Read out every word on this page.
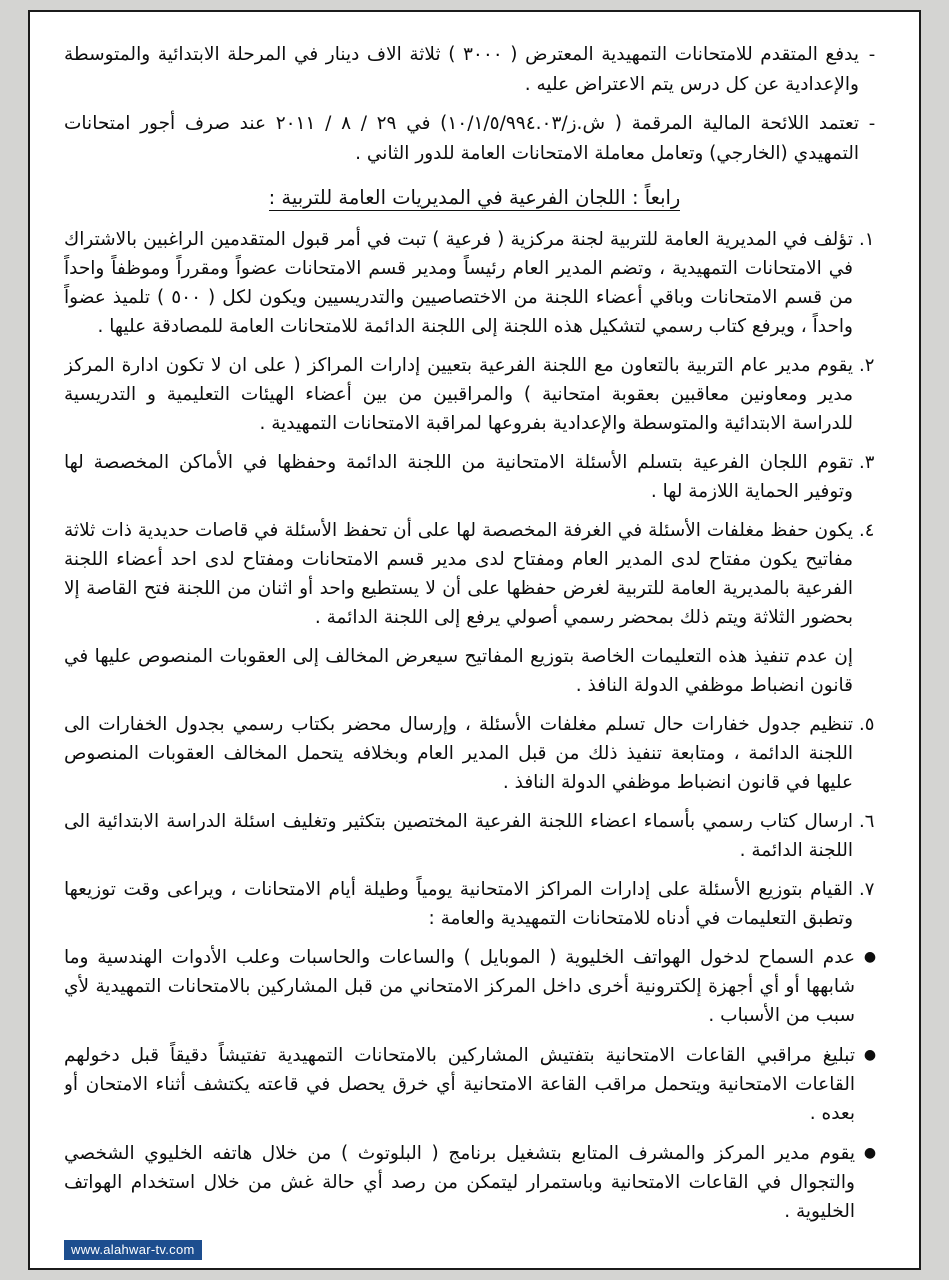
-
يدفع المتقدم للامتحانات التمهيدية المعترض ( ٣٠٠٠ ) ثلاثة الاف دينار في المرحلة الابتدائية والمتوسطة والإعدادية عن كل درس يتم الاعتراض عليه .
-
تعتمد اللائحة المالية المرقمة ( ش.ز/١٠/١/٥/٩٩٤.٠٣) في ٢٩ / ٨ / ٢٠١١ عند صرف أجور امتحانات التمهيدي (الخارجي) وتعامل معاملة الامتحانات العامة للدور الثاني .
رابعاً : اللجان الفرعية في المديريات العامة للتربية :
١.
تؤلف في المديرية العامة للتربية لجنة مركزية ( فرعية ) تبت في أمر قبول المتقدمين الراغبين بالاشتراك في الامتحانات التمهيدية ، وتضم المدير العام رئيساً ومدير قسم الامتحانات عضواً ومقرراً وموظفاً واحداً من قسم الامتحانات وباقي أعضاء اللجنة من الاختصاصيين والتدريسيين ويكون لكل ( ٥٠٠ ) تلميذ عضواً واحداً ، ويرفع كتاب رسمي لتشكيل هذه اللجنة إلى اللجنة الدائمة للامتحانات العامة للمصادقة عليها .
٢.
يقوم مدير عام التربية بالتعاون مع اللجنة الفرعية بتعيين إدارات المراكز ( على ان لا تكون ادارة المركز مدير ومعاونين معاقبين بعقوبة امتحانية ) والمراقبين من بين أعضاء الهيئات التعليمية و التدريسية للدراسة الابتدائية والمتوسطة والإعدادية بفروعها لمراقبة الامتحانات التمهيدية .
٣.
تقوم اللجان الفرعية بتسلم الأسئلة الامتحانية من اللجنة الدائمة وحفظها في الأماكن المخصصة لها وتوفير الحماية اللازمة لها .
٤.
يكون حفظ مغلفات الأسئلة في الغرفة المخصصة لها على أن تحفظ الأسئلة في قاصات حديدية ذات ثلاثة مفاتيح يكون مفتاح لدى المدير العام ومفتاح لدى مدير قسم الامتحانات ومفتاح لدى احد أعضاء اللجنة الفرعية بالمديرية العامة للتربية لغرض حفظها على أن لا يستطيع واحد أو اثنان من اللجنة فتح القاصة إلا بحضور الثلاثة ويتم ذلك بمحضر رسمي أصولي يرفع إلى اللجنة الدائمة .

إن عدم تنفيذ هذه التعليمات الخاصة بتوزيع المفاتيح سيعرض المخالف إلى العقوبات المنصوص عليها في قانون انضباط موظفي الدولة النافذ .

٥.
تنظيم جدول خفارات حال تسلم مغلفات الأسئلة ، وإرسال محضر بكتاب رسمي بجدول الخفارات الى اللجنة الدائمة ، ومتابعة تنفيذ ذلك من قبل المدير العام وبخلافه يتحمل المخالف العقوبات المنصوص عليها في قانون انضباط موظفي الدولة النافذ .
٦.
ارسال كتاب رسمي بأسماء اعضاء اللجنة الفرعية المختصين بتكثير وتغليف اسئلة الدراسة الابتدائية الى اللجنة الدائمة .
٧.
القيام بتوزيع الأسئلة على إدارات المراكز الامتحانية يومياً وطيلة أيام الامتحانات ، ويراعى وقت توزيعها وتطبق التعليمات في أدناه للامتحانات التمهيدية والعامة :
●
عدم السماح لدخول الهواتف الخليوية ( الموبايل ) والساعات والحاسبات وعلب الأدوات الهندسية وما شابهها أو أي أجهزة إلكترونية أخرى داخل المركز الامتحاني من قبل المشاركين بالامتحانات التمهيدية لأي سبب من الأسباب .
●
تبليغ مراقبي القاعات الامتحانية بتفتيش المشاركين بالامتحانات التمهيدية تفتيشاً دقيقاً قبل دخولهم القاعات الامتحانية ويتحمل مراقب القاعة الامتحانية أي خرق يحصل في قاعته يكتشف أثناء الامتحان أو بعده .
●
يقوم مدير المركز والمشرف المتابع بتشغيل برنامج ( البلوتوث ) من خلال هاتفه الخليوي الشخصي والتجوال في القاعات الامتحانية وباستمرار ليتمكن من رصد أي حالة غش من خلال استخدام الهواتف الخليوية .
www.alahwar-tv.com
